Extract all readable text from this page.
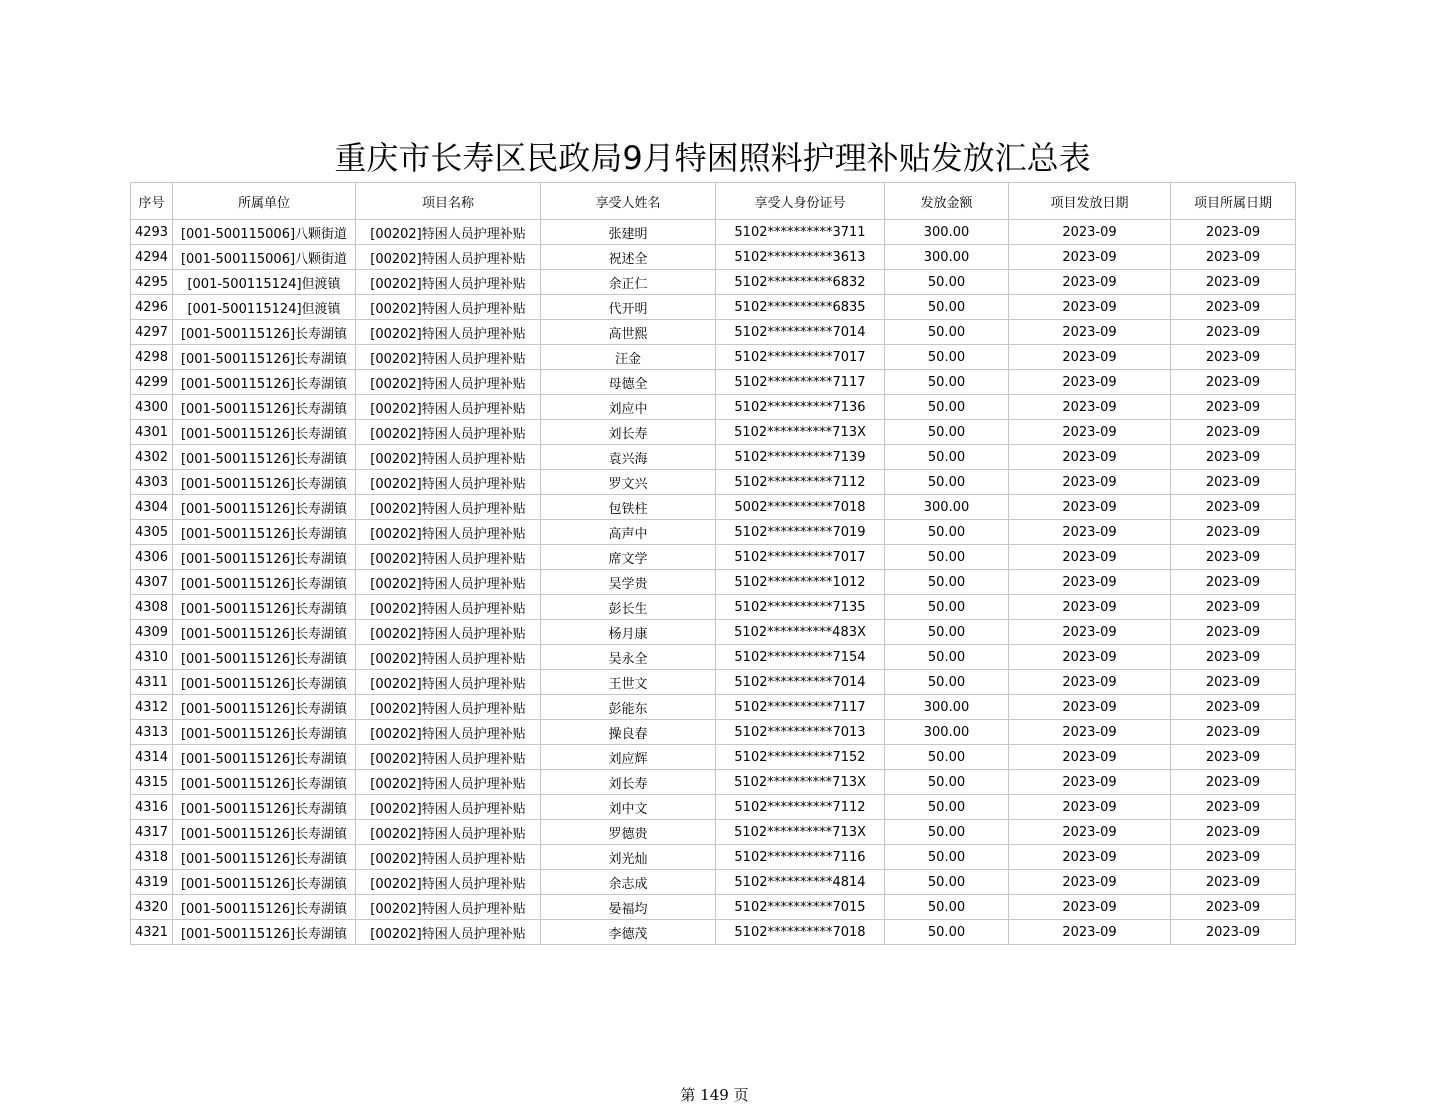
重庆市长寿区民政局9月特困照料护理补贴发放汇总表
序号	所属单位	项目名称	享受人姓名	享受人身份证号	发放金额	项目发放日期	项目所属日期
4293	[001-500115006]八颗街道	[00202]特困人员护理补贴	张建明	5102**********3711	300.00	2023-09	2023-09
4294	[001-500115006]八颗街道	[00202]特困人员护理补贴	祝述全	5102**********3613	300.00	2023-09	2023-09
4295	[001-500115124]但渡镇	[00202]特困人员护理补贴	余正仁	5102**********6832	50.00	2023-09	2023-09
4296	[001-500115124]但渡镇	[00202]特困人员护理补贴	代开明	5102**********6835	50.00	2023-09	2023-09
4297	[001-500115126]长寿湖镇	[00202]特困人员护理补贴	高世熙	5102**********7014	50.00	2023-09	2023-09
4298	[001-500115126]长寿湖镇	[00202]特困人员护理补贴	汪金	5102**********7017	50.00	2023-09	2023-09
4299	[001-500115126]长寿湖镇	[00202]特困人员护理补贴	母德全	5102**********7117	50.00	2023-09	2023-09
4300	[001-500115126]长寿湖镇	[00202]特困人员护理补贴	刘应中	5102**********7136	50.00	2023-09	2023-09
4301	[001-500115126]长寿湖镇	[00202]特困人员护理补贴	刘长寿	5102**********713X	50.00	2023-09	2023-09
4302	[001-500115126]长寿湖镇	[00202]特困人员护理补贴	袁兴海	5102**********7139	50.00	2023-09	2023-09
4303	[001-500115126]长寿湖镇	[00202]特困人员护理补贴	罗文兴	5102**********7112	50.00	2023-09	2023-09
4304	[001-500115126]长寿湖镇	[00202]特困人员护理补贴	包铁柱	5002**********7018	300.00	2023-09	2023-09
4305	[001-500115126]长寿湖镇	[00202]特困人员护理补贴	高声中	5102**********7019	50.00	2023-09	2023-09
4306	[001-500115126]长寿湖镇	[00202]特困人员护理补贴	席文学	5102**********7017	50.00	2023-09	2023-09
4307	[001-500115126]长寿湖镇	[00202]特困人员护理补贴	吴学贵	5102**********1012	50.00	2023-09	2023-09
4308	[001-500115126]长寿湖镇	[00202]特困人员护理补贴	彭长生	5102**********7135	50.00	2023-09	2023-09
4309	[001-500115126]长寿湖镇	[00202]特困人员护理补贴	杨月康	5102**********483X	50.00	2023-09	2023-09
4310	[001-500115126]长寿湖镇	[00202]特困人员护理补贴	吴永全	5102**********7154	50.00	2023-09	2023-09
4311	[001-500115126]长寿湖镇	[00202]特困人员护理补贴	王世文	5102**********7014	50.00	2023-09	2023-09
4312	[001-500115126]长寿湖镇	[00202]特困人员护理补贴	彭能东	5102**********7117	300.00	2023-09	2023-09
4313	[001-500115126]长寿湖镇	[00202]特困人员护理补贴	操良春	5102**********7013	300.00	2023-09	2023-09
4314	[001-500115126]长寿湖镇	[00202]特困人员护理补贴	刘应辉	5102**********7152	50.00	2023-09	2023-09
4315	[001-500115126]长寿湖镇	[00202]特困人员护理补贴	刘长寿	5102**********713X	50.00	2023-09	2023-09
4316	[001-500115126]长寿湖镇	[00202]特困人员护理补贴	刘中文	5102**********7112	50.00	2023-09	2023-09
4317	[001-500115126]长寿湖镇	[00202]特困人员护理补贴	罗德贵	5102**********713X	50.00	2023-09	2023-09
4318	[001-500115126]长寿湖镇	[00202]特困人员护理补贴	刘光灿	5102**********7116	50.00	2023-09	2023-09
4319	[001-500115126]长寿湖镇	[00202]特困人员护理补贴	余志成	5102**********4814	50.00	2023-09	2023-09
4320	[001-500115126]长寿湖镇	[00202]特困人员护理补贴	晏福均	5102**********7015	50.00	2023-09	2023-09
4321	[001-500115126]长寿湖镇	[00202]特困人员护理补贴	李德茂	5102**********7018	50.00	2023-09	2023-09
第 149 页
